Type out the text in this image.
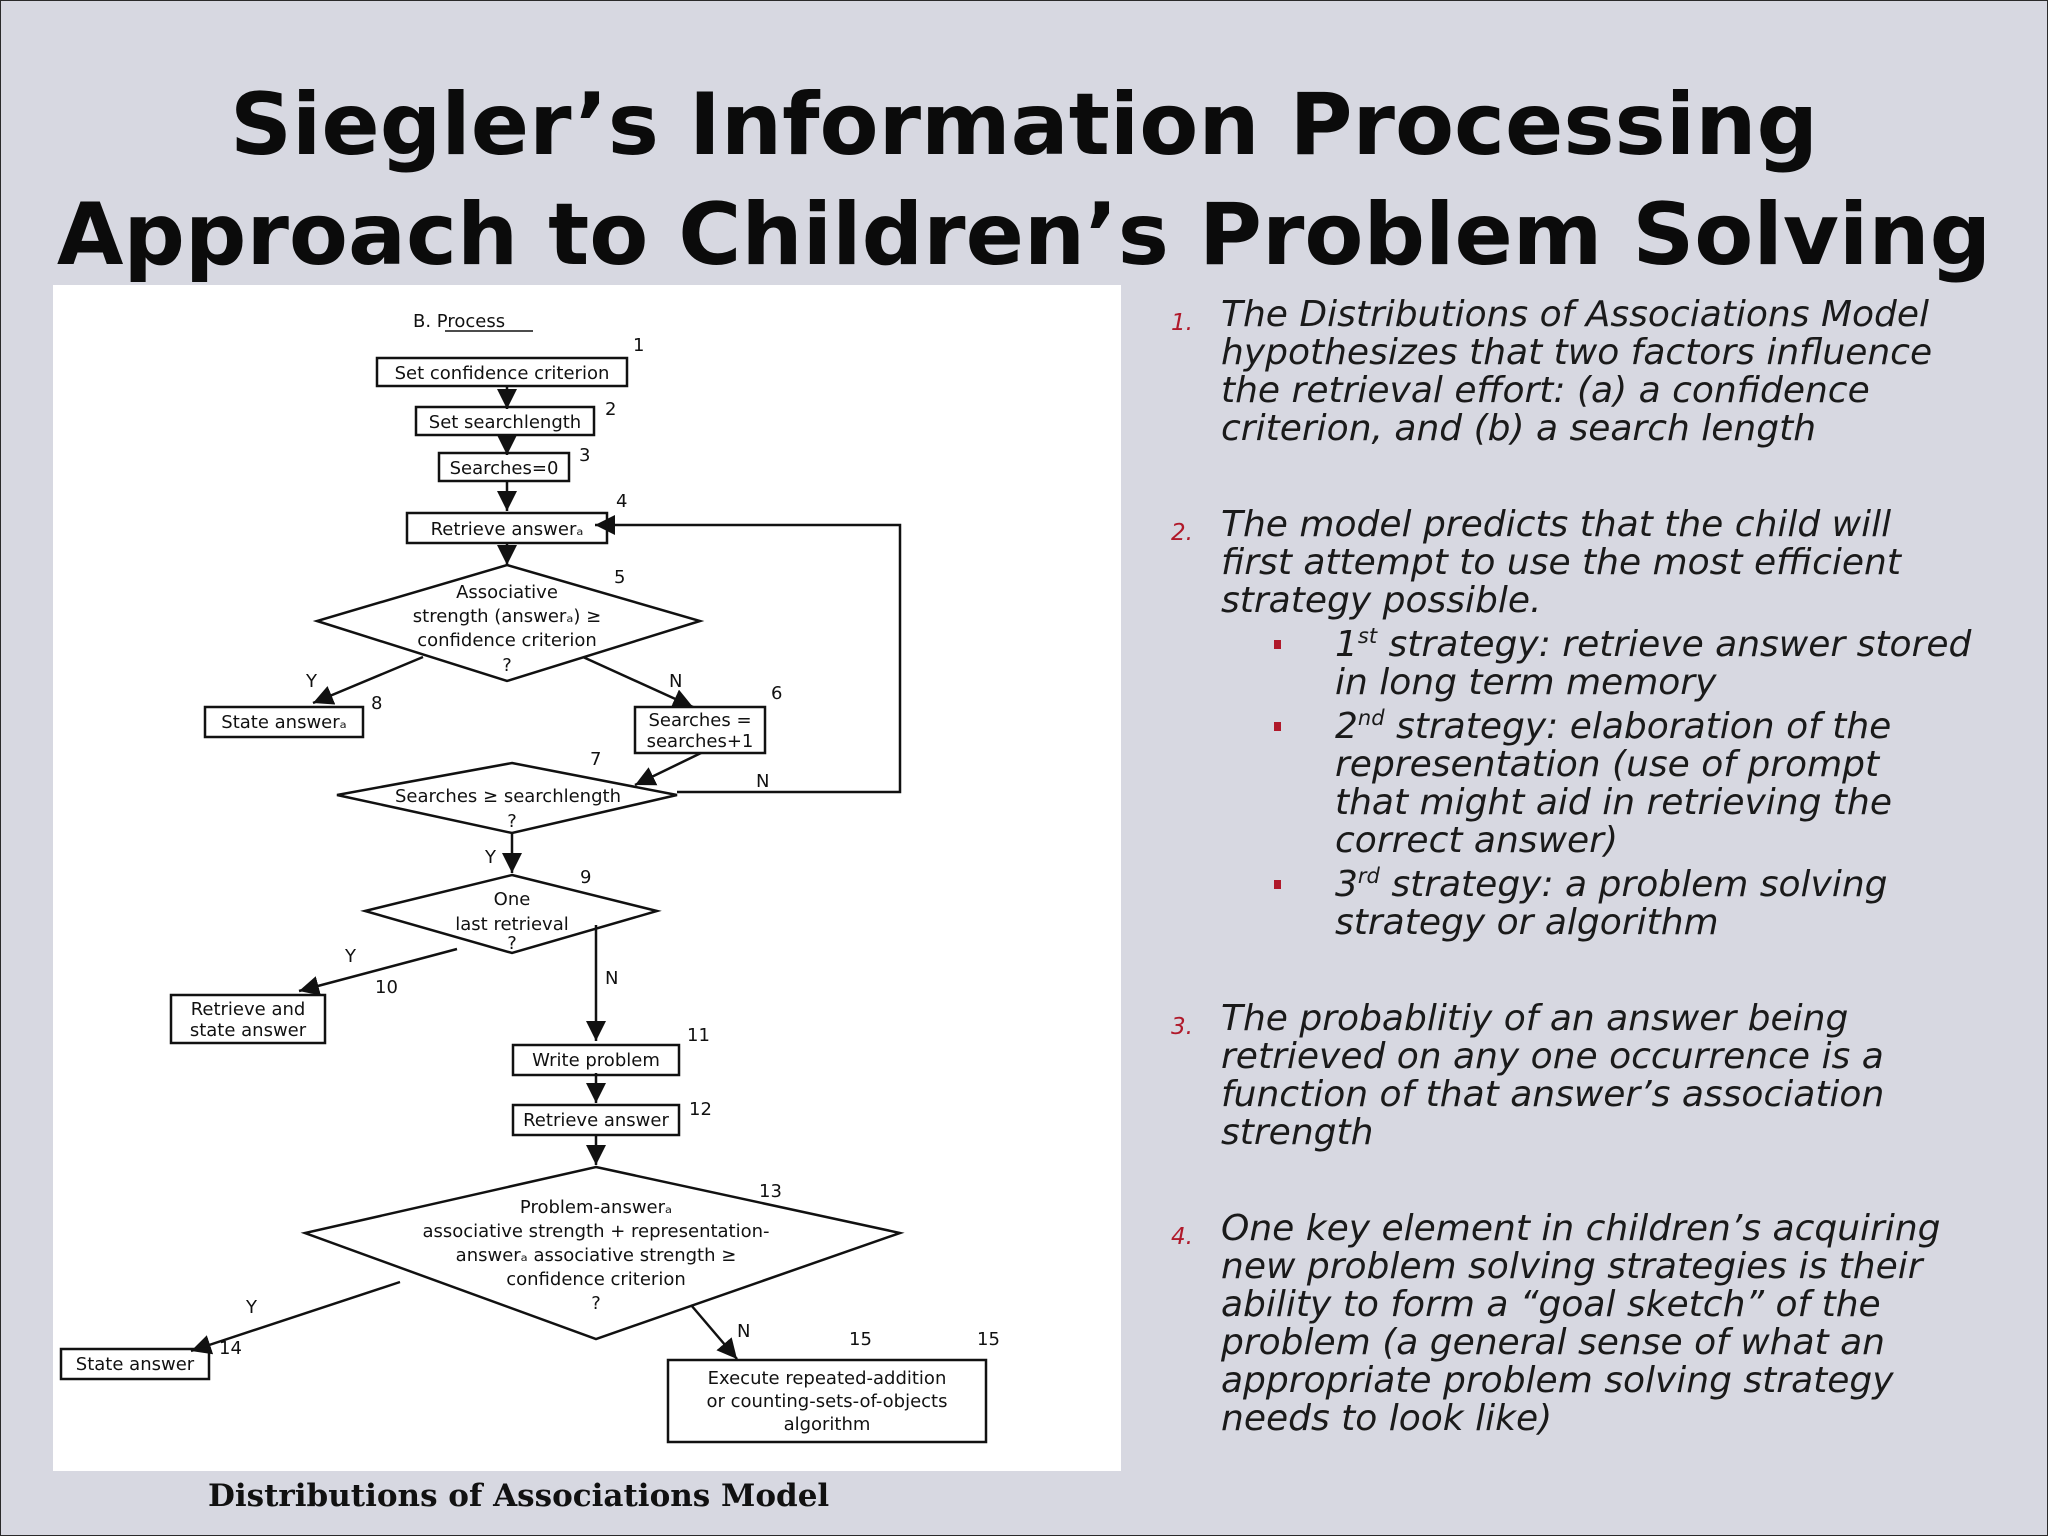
Siegler’s Information Processing
Approach to Children’s Problem Solving
B. Process
Set confidence criterion
Set searchlength
Searches=0
Retrieve answerₐ
Associative
strength (answerₐ) ≥
confidence criterion
?
State answerₐ	Searches =
searches+1
Searches ≥ searchlength
?
One
last retrieval
?
Retrieve and
state answer
Write problem
Retrieve answer
Problem-answerₐ
associative strength + representation-
answerₐ associative strength ≥
confidence criterion
?
State answer
Execute repeated-addition
or counting-sets-of-objects
algorithm
1
2
3
4
5
6
7
8
9
10
11
12
13
14	15	15
Y	N
N
Y
Y
N
Y
N
Distributions of Associations Model
1. The Distributions of Associations Model
hypothesizes that two factors influence
the retrieval effort: (a) a confidence
criterion, and (b) a search length
2. The model predicts that the child will
first attempt to use the most efficient
strategy possible.
1st strategy: retrieve answer stored
in long term memory
2nd strategy: elaboration of the
representation (use of prompt
that might aid in retrieving the
correct answer)
3rd strategy: a problem solving
strategy or algorithm
3. The probablitiy of an answer being
retrieved on any one occurrence is a
function of that answer’s association
strength
4. One key element in children’s acquiring
new problem solving strategies is their
ability to form a “goal sketch” of the
problem (a general sense of what an
appropriate problem solving strategy
needs to look like)
